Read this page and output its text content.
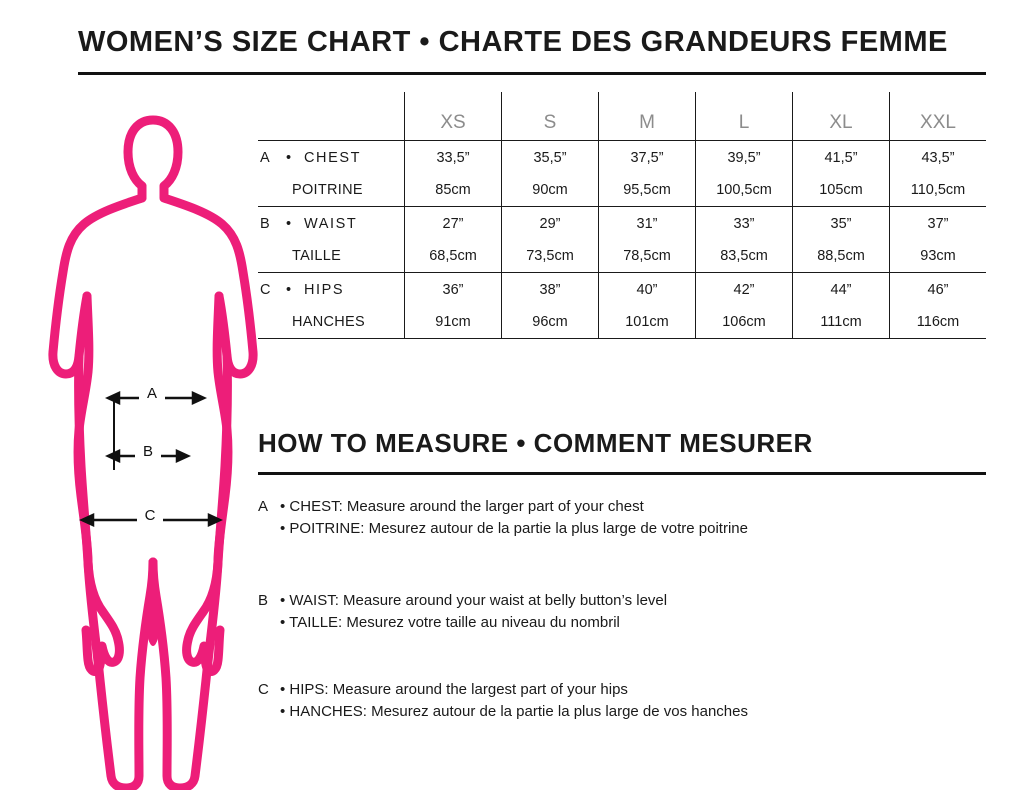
WOMEN’S SIZE CHART • CHARTE DES GRANDEURS FEMME
A
B
C
	XS	S	M	L	XL	XXL
A • CHEST	33,5”	35,5”	37,5”	39,5”	41,5”	43,5”
POITRINE	85cm	90cm	95,5cm	100,5cm	105cm	110,5cm
B • WAIST	27”	29”	31”	33”	35”	37”
TAILLE	68,5cm	73,5cm	78,5cm	83,5cm	88,5cm	93cm
C • HIPS	36”	38”	40”	42”	44”	46”
HANCHES	91cm	96cm	101cm	106cm	111cm	116cm
HOW TO MEASURE • COMMENT MESURER
A • CHEST: Measure around the larger part of your chest
• POITRINE: Mesurez autour de la partie la plus large de votre poitrine
B • WAIST: Measure around your waist at belly button’s level
• TAILLE: Mesurez votre taille au niveau du nombril
C • HIPS: Measure around the largest part of your hips
• HANCHES: Mesurez autour de la partie la plus large de vos hanches
